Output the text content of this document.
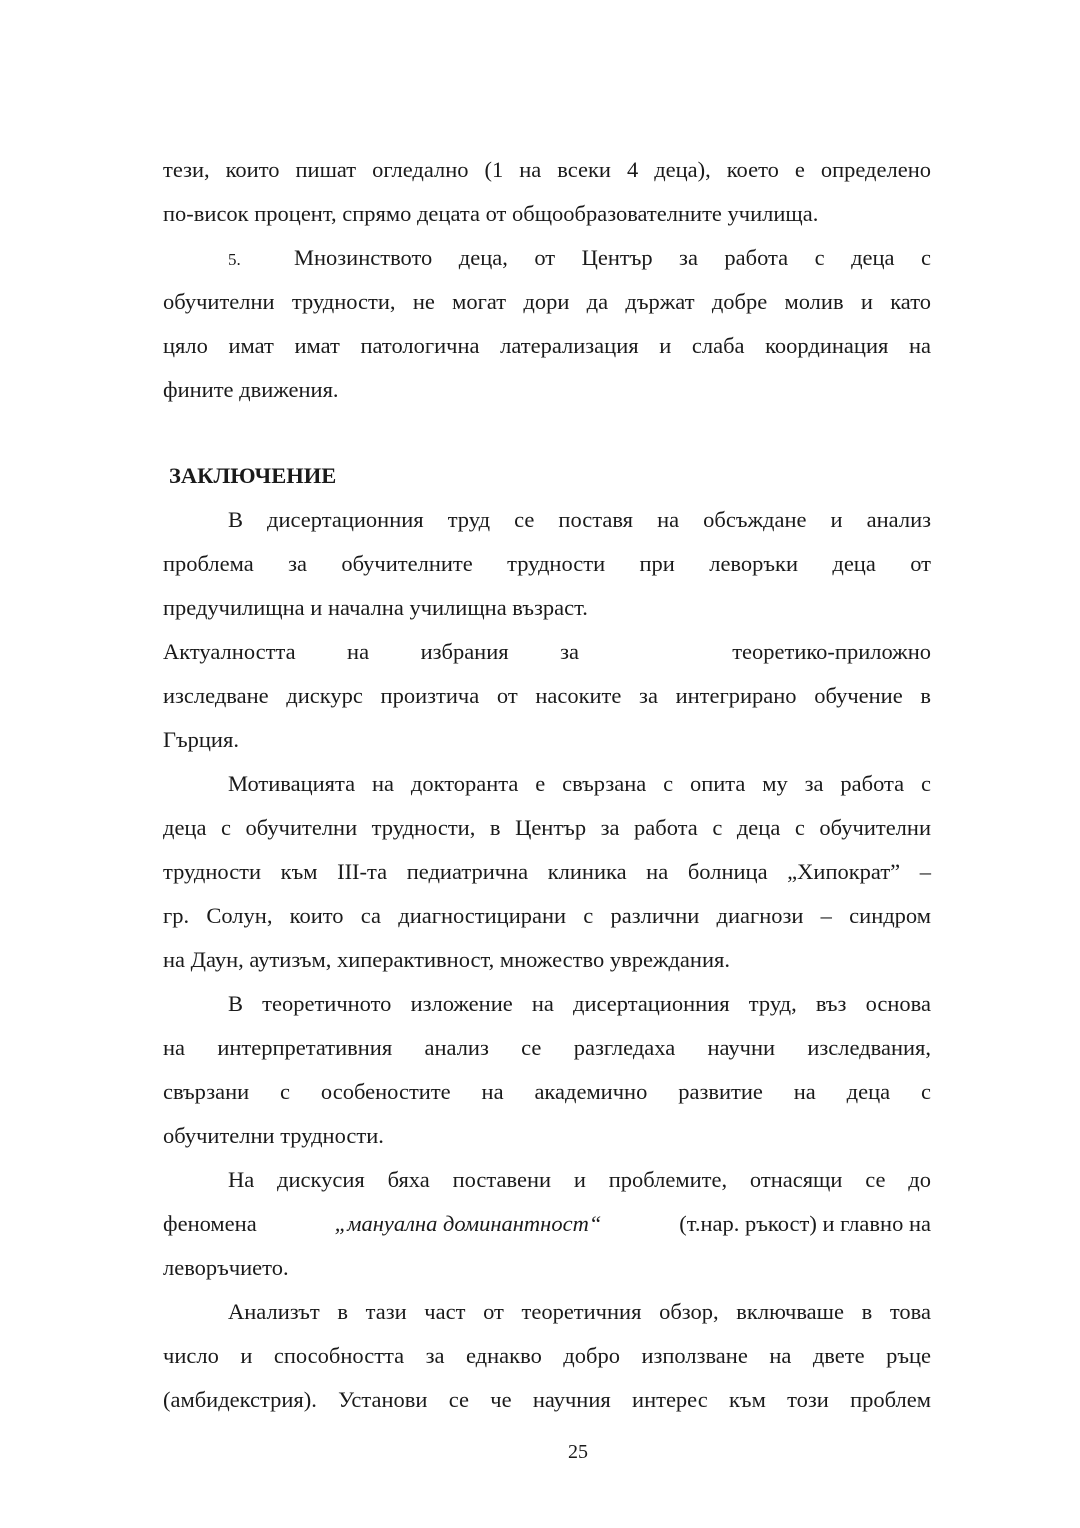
тези, които пишат огледално (1 на всеки 4 деца), което е определено
по-висок процент, спрямо децата от общообразователните училища.
5. Мнозинството деца, от Център за работа с деца с
обучителни трудности, не могат дори да държат добре молив и като
цяло имат имат патологична латерализация и слаба координация на
фините движения.
ЗАКЛЮЧЕНИЕ
В дисертационния труд се поставя на обсъждане и анализ
проблема за обучителните трудности при леворъки деца от
предучилищна и начална училищна възраст.
Актуалността на избрания за	теоретико-приложно
изследване дискурс произтича от насоките за интегрирано обучение в
Гърция.
Мотивацията на докторанта е свързана с опита му за работа с
деца с обучителни трудности, в Център за работа с деца с обучителни
трудности към III-та педиатрична клиника на болница „Хипократ” –
гр. Солун, които са диагностицирани с различни диагнози – синдром
на Даун, аутизъм, хиперактивност, множество увреждания.
В теоретичното изложение на дисертационния труд, въз основа
на интерпретативния анализ се разгледаха научни изследвания,
свързани с особеностите на академично развитие на деца с
обучителни трудности.
На дискусия бяха поставени и проблемите, отнасящи се до
феномена	„мануална доминантност“	(т.нар. ръкост) и главно на
леворъчието.
Анализът в тази част от теоретичния обзор, включваше в това
число и способността за еднакво добро използване на двете ръце
(амбидекстрия). Установи се че научния интерес към този проблем
25
